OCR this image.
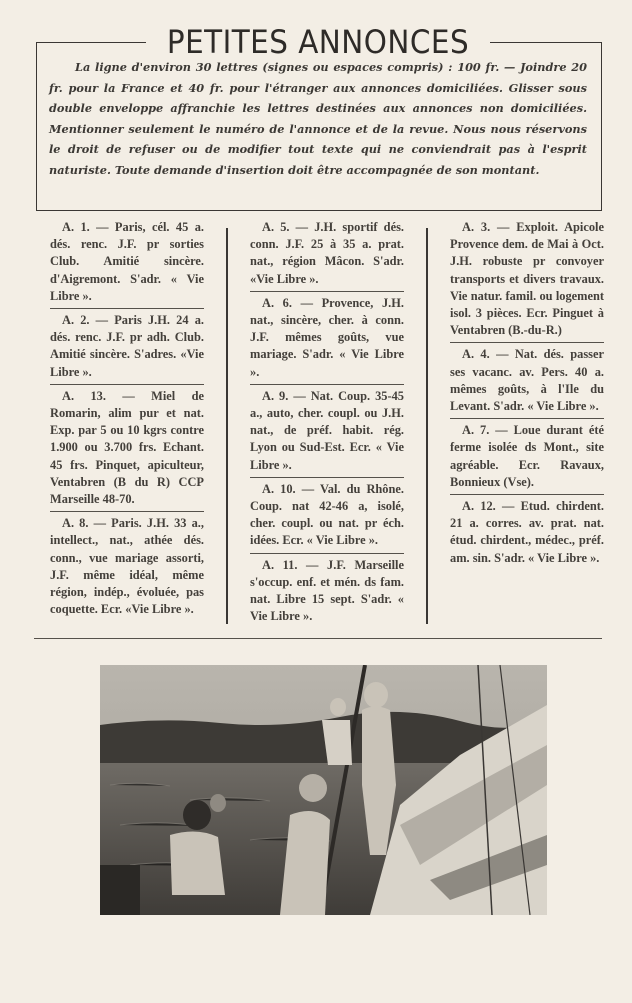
PETITES ANNONCES
La ligne d'environ 30 lettres (signes ou espaces compris) : 100 fr. — Joindre 20 fr. pour la France et 40 fr. pour l'étranger aux annonces domiciliées. Glisser sous double enveloppe affranchie les lettres destinées aux annonces non domiciliées. Mentionner seulement le numéro de l'annonce et de la revue. Nous nous réservons le droit de refuser ou de modifier tout texte qui ne conviendrait pas à l'esprit naturiste. Toute demande d'insertion doit être accompagnée de son montant.
A. 1. — Paris, cél. 45 a. dés. renc. J.F. pr sorties Club. Amitié sincère. d'Aigremont. S'adr. « Vie Libre ».
A. 2. — Paris J.H. 24 a. dés. renc. J.F. pr adh. Club. Amitié sincère. S'adres. «Vie Libre ».
A. 13. — Miel de Romarin, alim pur et nat. Exp. par 5 ou 10 kgrs contre 1.900 ou 3.700 frs. Echant. 45 frs. Pinquet, apiculteur, Ventabren (B du R) CCP Marseille 48-70.
A. 8. — Paris. J.H. 33 a., intellect., nat., athée dés. conn., vue mariage assorti, J.F. même idéal, même région, indép., évoluée, pas coquette. Ecr. «Vie Libre ».
A. 5. — J.H. sportif dés. conn. J.F. 25 à 35 a. prat. nat., région Mâcon. S'adr. «Vie Libre ».
A. 6. — Provence, J.H. nat., sincère, cher. à conn. J.F. mêmes goûts, vue mariage. S'adr. « Vie Libre ».
A. 9. — Nat. Coup. 35-45 a., auto, cher. coupl. ou J.H. nat., de préf. habit. rég. Lyon ou Sud-Est. Ecr. « Vie Libre ».
A. 10. — Val. du Rhône. Coup. nat 42-46 a, isolé, cher. coupl. ou nat. pr éch. idées. Ecr. « Vie Libre ».
A. 11. — J.F. Marseille s'occup. enf. et mén. ds fam. nat. Libre 15 sept. S'adr. « Vie Libre ».
A. 3. — Exploit. Apicole Provence dem. de Mai à Oct. J.H. robuste pr convoyer transports et divers travaux. Vie natur. famil. ou logement isol. 3 pièces. Ecr. Pinguet à Ventabren (B.-du-R.)
A. 4. — Nat. dés. passer ses vacanc. av. Pers. 40 a. mêmes goûts, à l'Ile du Levant. S'adr. « Vie Libre ».
A. 7. — Loue durant été ferme isolée ds Mont., site agréable. Ecr. Ravaux, Bonnieux (Vse).
A. 12. — Etud. chirdent. 21 a. corres. av. prat. nat. étud. chirdent., médec., préf. am. sin. S'adr. « Vie Libre ».
